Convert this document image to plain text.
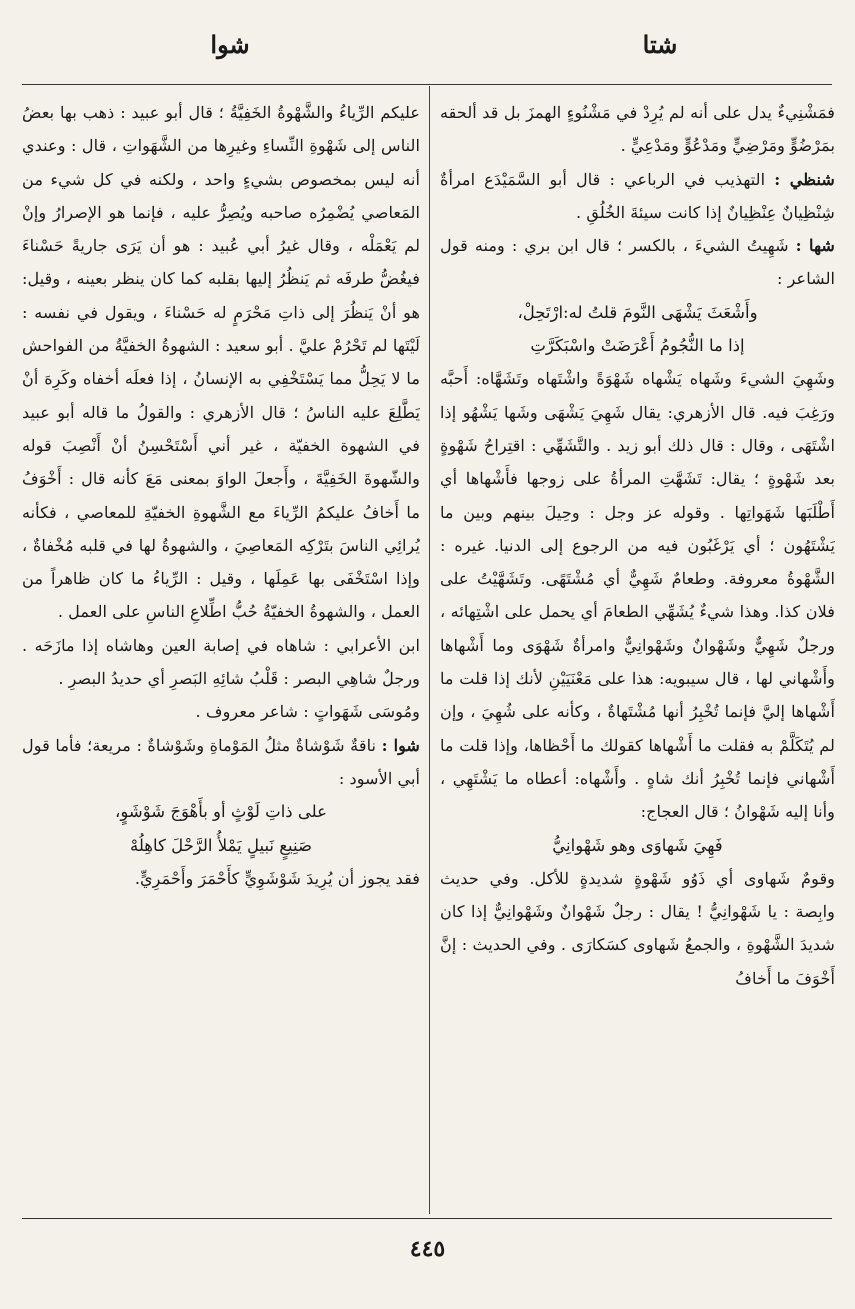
شتا
شوا

فمَشْنِيءٌ يدل على أنه لم يُرِدْ في مَشْنُوءٍ الهمزَ بل قد ألحقه بمَرْضُوٍّ ومَرْضِيٍّ ومَدْعُوٍّ ومَدْعِيٍّ .

شنظي : التهذيب في الرباعي : قال أبو السَّمَيْدَع امرأةٌ شِنْظِيانٌ عِنْظِيانٌ إذا كانت سيئةَ الخُلُقِ .

شها : شَهِيتُ الشيءَ ، بالكسر ؛ قال ابن بري : ومنه قول الشاعر :

وأَشْعَثَ يَشْهَى النَّومَ قلتُ له:ارْتَحِلْ،

إذا ما النُّجُومُ أَعْرَضَتْ واسْبَكَرَّتِ

وشَهِيَ الشيءَ وشَهاه يَشْهاه شَهْوَةً واشْتَهاه وتَشَهَّاه: أَحبَّه ورَغِبَ فيه. قال الأزهري: يقال شَهِيَ يَشْهَى وشَها يَشْهُو إذا اشْتَهَى ، وقال : قال ذلك أبو زيد . والتَّشَهِّي : اقتِراحُ شَهْوةٍ بعد شَهْوةٍ ؛ يقال: تَشَهَّتِ المرأةُ على زوجها فأَشْهاها أي أَطْلَبَها شَهَواتِها . وقوله عز وجل : وحِيلَ بينهم وبين ما يَشْتَهُون ؛ أي يَرْغَبُون فيه من الرجوع إلى الدنيا. غيره : الشَّهْوةُ معروفة. وطعامٌ شَهِيٌّ أي مُشْتَهًى. وتَشَهَّيْتُ على فلان كذا. وهذا شيءٌ يُشَهِّي الطعامَ أي يحمل على اشْتِهائه ، ورجلٌ شَهِيٌّ وشَهْوانٌ وشَهْوانِيٌّ وامرأةٌ شَهْوَى وما أَشْهاها وأَشْهاني لها ، قال سيبويه: هذا على مَعْنَيَيْنِ لأنك إذا قلت ما أَشْهاها إليَّ فإنما تُخْبِرُ أنها مُشْتَهاةٌ ، وكأنه على شُهِيَ ، وإن لم يُتَكَلَّمْ به فقلت ما أَشْهاها كقولك ما أَحْظاها، وإذا قلت ما أَشْهاني فإنما تُخْبِرُ أنك شاهٍ . وأَشْهاه: أعطاه ما يَشْتَهِي ، وأنا إليه شَهْوانُ ؛ قال العجاج:

فَهِيَ شَهاوَى وهو شَهْوانِيُّ

وقومٌ شَهاوى أي ذَوُو شَهْوةٍ شديدةٍ للأكل. وفي حديث وابِصة : يا شَهْوانِيُّ ! يقال : رجلٌ شَهْوانٌ وشَهْوانِيٌّ إذا كان شديدَ الشَّهْوةِ ، والجمعُ شَهاوى كسَكارَى . وفي الحديث : إنَّ أَخْوَفَ ما أَخافُ

عليكم الرِّياءُ والشَّهْوةُ الخَفِيَّةُ ؛ قال أبو عبيد : ذهب بها بعضُ الناس إلى شَهْوةِ النِّساءِ وغيرِها من الشَّهَواتِ ، قال : وعندي أنه ليس بمخصوص بشيءٍ واحد ، ولكنه في كل شيء من المَعاصي يُضْمِرُه صاحبه ويُصِرُّ عليه ، فإنما هو الإصرارُ وإنْ لم يَعْمَلْه ، وقال غيرُ أبي عُبيد : هو أن يَرَى جاريةً حَسْناءَ فيغُضُّ طرفَه ثم يَنظُرُ إليها بقلبه كما كان ينظر بعينه ، وقيل: هو أنْ يَنظُرَ إلى ذاتِ مَحْرَمٍ له حَسْناءَ ، ويقول في نفسه : لَيْتَها لم تَحْرُمْ عليَّ . أبو سعيد : الشهوةُ الخفيَّةُ من الفواحش ما لا يَحِلُّ مما يَسْتَخْفِي به الإنسانُ ، إذا فعلَه أخفاه وكَرِهَ أنْ يَطَّلِعَ عليه الناسُ ؛ قال الأزهري : والقولُ ما قاله أبو عبيد في الشهوة الخفيّة ، غير أني أَسْتَحْسِنُ أنْ أَنْصِبَ قوله والشّهوةَ الخَفِيَّةَ ، وأَجعلَ الواوَ بمعنى مَعَ كأنه قال : أَخْوَفُ ما أَخافُ عليكمُ الرِّياءَ مع الشَّهوةِ الخفيّةِ للمعاصي ، فكأنه يُرائِي الناسَ بتَرْكِه المَعاصِيَ ، والشهوةُ لها في قلبه مُخْفاةٌ ، وإذا اسْتَخْفَى بها عَمِلَها ، وقيل : الرِّياءُ ما كان ظاهراً من العمل ، والشهوةُ الخفيّةُ حُبُّ اطِّلاعِ الناسِ على العمل .

ابن الأعرابي : شاهاه في إصابة العين وهاشاه إذا مازَحَه . ورجلٌ شاهِي البصر : قَلْبُ شائِهِ البَصرِ أي حديدُ البصرِ .

ومُوسَى شَهَواتٍ : شاعر معروف .

شوا : ناقةٌ شَوْشاةٌ مثلُ المَوْماةِ وشَوْشاةٌ : مريعة؛ فأما قول أبي الأسود :

على ذاتِ لَوْثٍ أو بأَهْوَجَ شَوْشَوٍ،

صَنِيعٍ نَبيلٍ يَمْلأُ الرَّحْلَ كاهِلُهْ

فقد يجوز أن يُرِيدَ شَوْشَوِيٍّ كأَحْمَرَ وأَحْمَرِيٍّ.

٤٤٥
